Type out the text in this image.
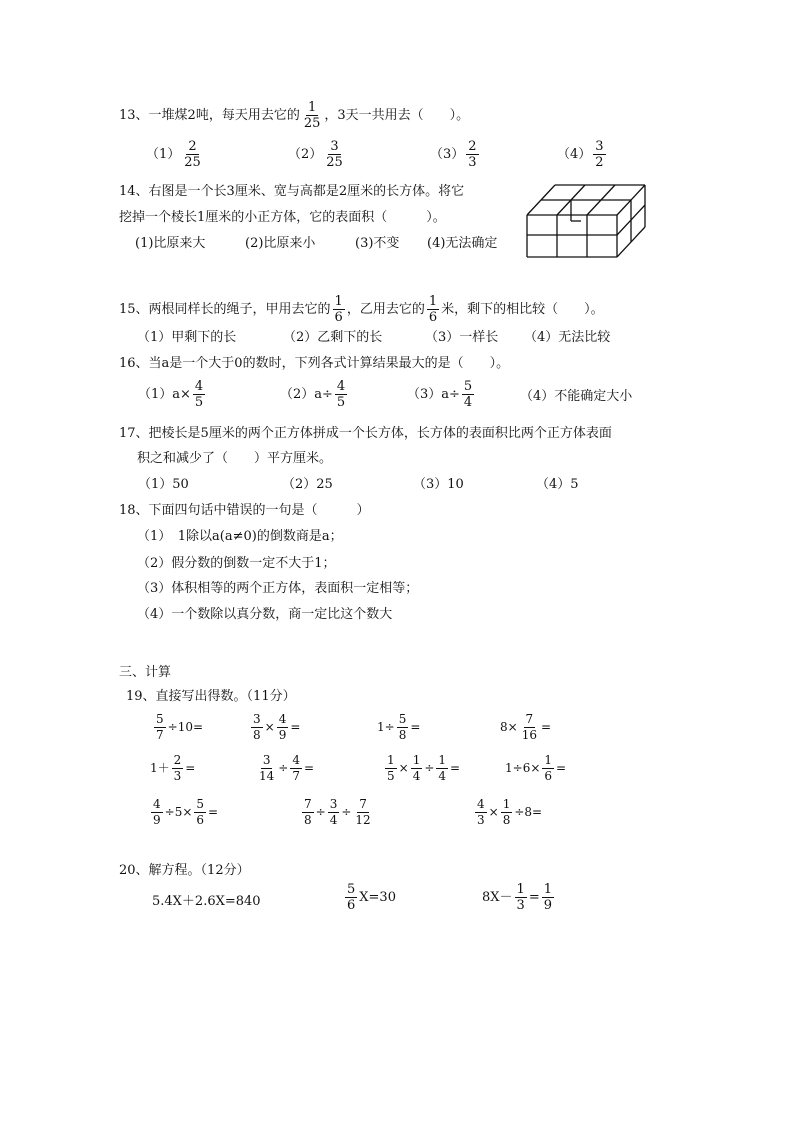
13、一堆煤2吨，每天用去它的 $\frac{1}{25}$ ，3天一共用去（　　）。
$(1) \frac{2}{25}$	$(2) \frac{3}{25}$	$(3) \frac{2}{3}$	$(4) \frac{3}{2}$
14、右图是一个长3厘米、宽与高都是2厘米的长方体。将它
挖掉一个棱长1厘米的小正方体，它的表面积（　　　）。
(1)比原来大	(2)比原来小	(3)不变 (4)无法确定
15、两根同样长的绳子，甲用去它的 $\frac{1}{6}$ ，乙用去它的 $\frac{1}{6}$ 米，剩下的相比较（　　）。
（1）甲剩下的长	（2）乙剩下的长	（3）一样长 （4）无法比较
16、当a是一个大于0的数时，下列各式计算结果最大的是（　　）。
$(1)a\times \frac{4}{5}$	$(2)a\div \frac{4}{5}$	$(3)a\div \frac{5}{4}$	（4）不能确定大小
17、把棱长是5厘米的两个正方体拼成一个长方体，长方体的表面积比两个正方体表面
积之和减少了（　　）平方厘米。
（1）50	（2）25	（3）10	（4）5
18、下面四句话中错误的一句是（　　　）
（1）　1除以a(a≠0)的倒数商是a；
（2）假分数的倒数一定不大于1；
（3）体积相等的两个正方体，表面积一定相等；
（4）一个数除以真分数，商一定比这个数大
三、计算
19、直接写出得数。（11分）
$\frac{5}{7} \div 10=$	$\frac{3}{8} \times \frac{4}{9}$ =	$1\div \frac{5}{8}$ =	$8\times \frac{7}{16}$ =
$1+ \frac{2}{3}$ =	$\frac{3}{14} \div \frac{4}{7}$ =	$\frac{1}{5} \times \frac{1}{4} \div \frac{1}{4}$ =	$1\div 6\times \frac{1}{6}$ =
$\frac{4}{9} \div 5\times \frac{5}{6}$ =	$\frac{7}{8} \div \frac{3}{4} \div \frac{7}{12}$	$\frac{4}{3} \times \frac{1}{8} \div 8=$
20、解方程。（12分）
5.4X＋2.6X=840	$\frac{5}{6} X=30$	$8X- \frac{1}{3} = \frac{1}{9}$
